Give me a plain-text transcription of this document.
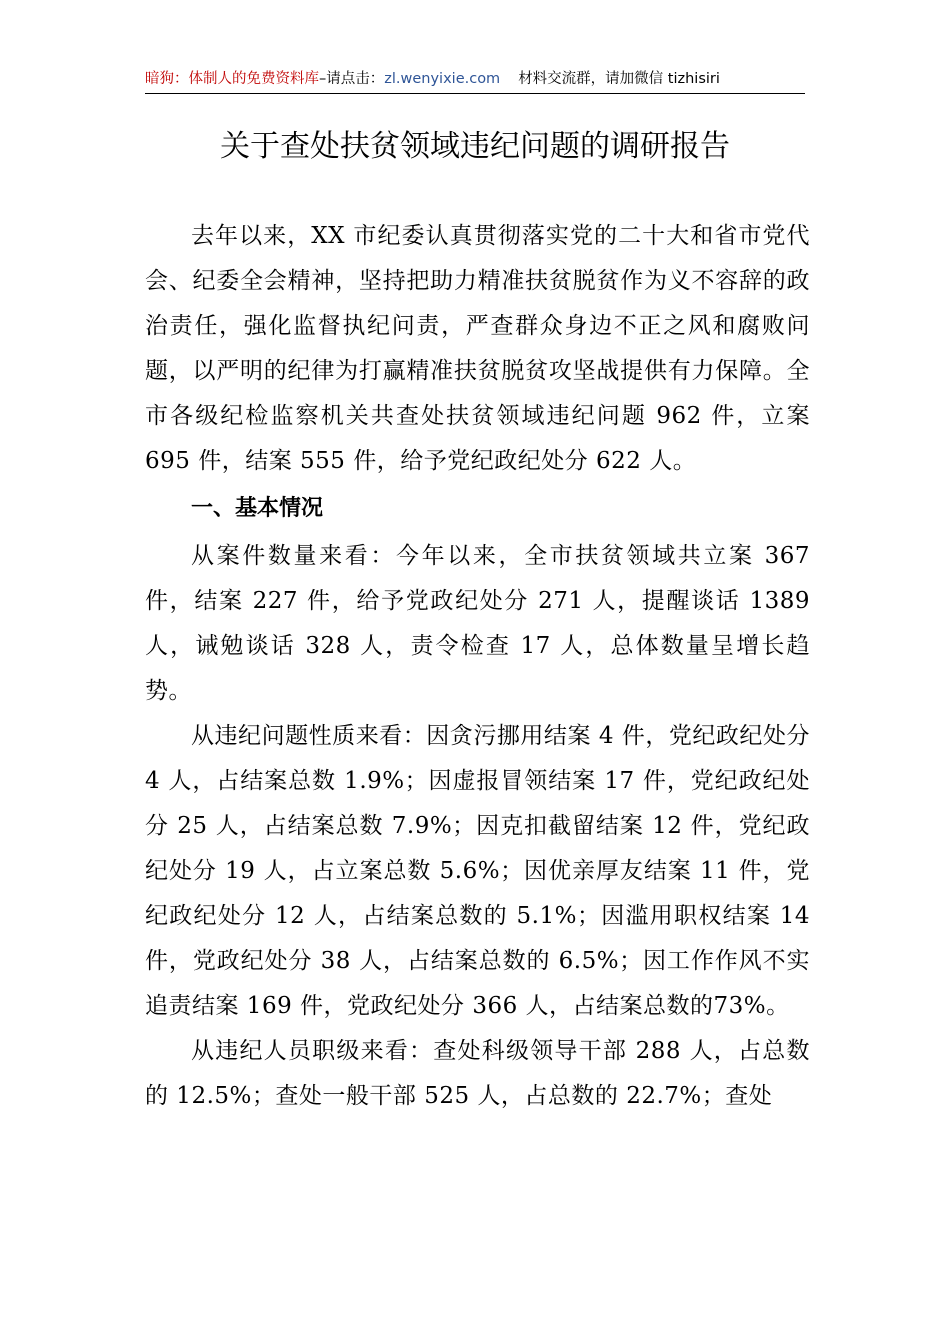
暗狗：体制人的免费资料库–请点击：zl.wenyixie.com 材料交流群，请加微信 tizhisiri
关于查处扶贫领域违纪问题的调研报告

去年以来，XX 市纪委认真贯彻落实党的二十大和省市党代会、纪委全会精神，坚持把助力精准扶贫脱贫作为义不容辞的政治责任，强化监督执纪问责，严查群众身边不正之风和腐败问题，以严明的纪律为打赢精准扶贫脱贫攻坚战提供有力保障。全市各级纪检监察机关共查处扶贫领域违纪问题 962 件，立案 695 件，结案 555 件，给予党纪政纪处分 622 人。

一、基本情况

从案件数量来看：今年以来，全市扶贫领域共立案 367 件，结案 227 件，给予党政纪处分 271 人，提醒谈话 1389 人，诫勉谈话 328 人，责令检查 17 人，总体数量呈增长趋势。

从违纪问题性质来看：因贪污挪用结案 4 件，党纪政纪处分 4 人，占结案总数 1.9%；因虚报冒领结案 17 件，党纪政纪处分 25 人，占结案总数 7.9%；因克扣截留结案 12 件，党纪政纪处分 19 人，占立案总数 5.6%；因优亲厚友结案 11 件，党纪政纪处分 12 人，占结案总数的 5.1%；因滥用职权结案 14 件，党政纪处分 38 人，占结案总数的 6.5%；因工作作风不实追责结案 169 件，党政纪处分 366 人，占结案总数的73%。

从违纪人员职级来看：查处科级领导干部 288 人，占总数的 12.5%；查处一般干部 525 人，占总数的 22.7%；查处
